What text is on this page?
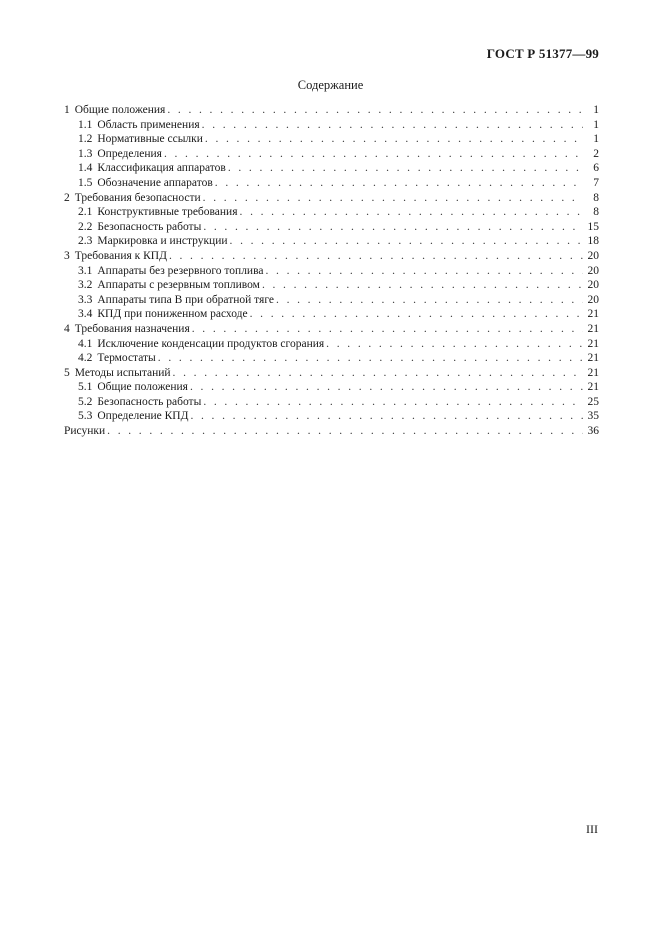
ГОСТ Р 51377—99
Содержание
1 Общие положения . . .	1
1.1 Область применения . . .	1
1.2 Нормативные ссылки . . .	1
1.3 Определения . . .	2
1.4 Классификация аппаратов . . .	6
1.5 Обозначение аппаратов . . .	7
2 Требования безопасности . . .	8
2.1 Конструктивные требования . . .	8
2.2 Безопасность работы . . .	15
2.3 Маркировка и инструкции . . .	18
3 Требования к КПД . . .	20
3.1 Аппараты без резервного топлива . . .	20
3.2 Аппараты с резервным топливом . . .	20
3.3 Аппараты типа В при обратной тяге . . .	20
3.4 КПД при пониженном расходе . . .	21
4 Требования назначения . . .	21
4.1 Исключение конденсации продуктов сгорания . . .	21
4.2 Термостаты . . .	21
5 Методы испытаний . . .	21
5.1 Общие положения . . .	21
5.2 Безопасность работы . . .	25
5.3 Определение КПД . . .	35
Рисунки . . .	36
III
